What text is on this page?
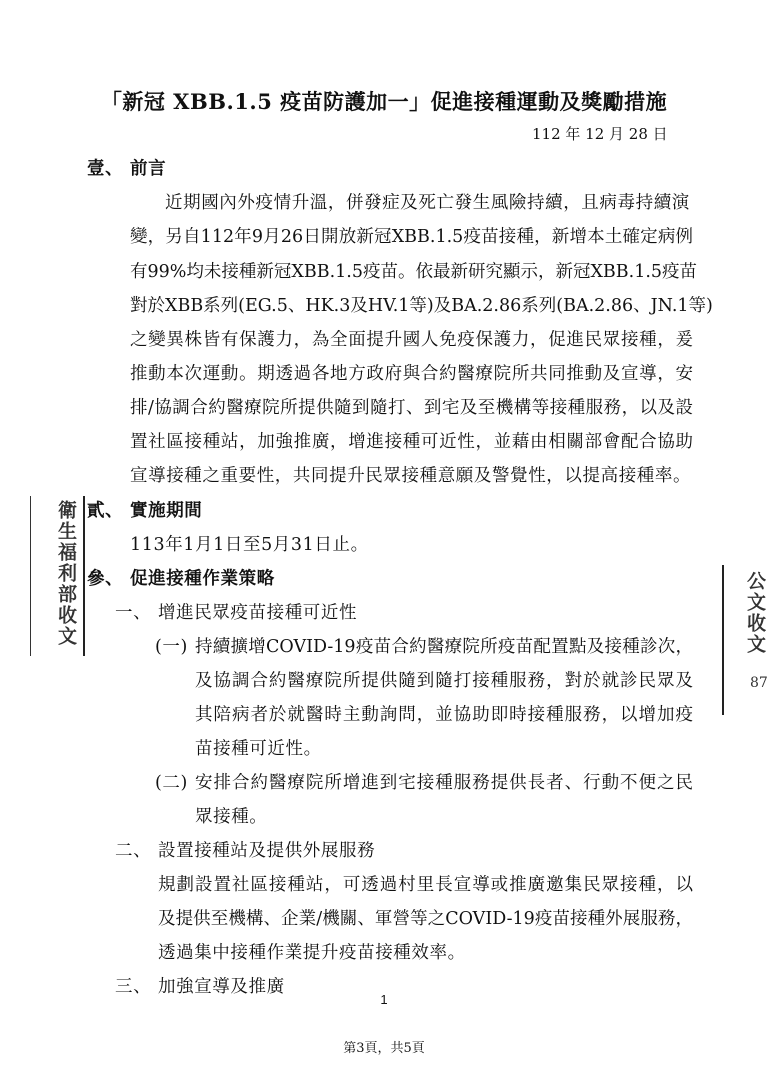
「新冠 XBB.1.5 疫苗防護加一」促進接種運動及獎勵措施
112 年 12 月 28 日
壹、 前言
近期國內外疫情升溫，併發症及死亡發生風險持續，且病毒持續演
變，另自112年9月26日開放新冠XBB.1.5疫苗接種，新增本土確定病例
有99%均未接種新冠XBB.1.5疫苗。依最新研究顯示，新冠XBB.1.5疫苗
對於XBB系列(EG.5、HK.3及HV.1等)及BA.2.86系列(BA.2.86、JN.1等)
之變異株皆有保護力，為全面提升國人免疫保護力，促進民眾接種，爰
推動本次運動。期透過各地方政府與合約醫療院所共同推動及宣導，安
排/協調合約醫療院所提供隨到隨打、到宅及至機構等接種服務，以及設
置社區接種站，加強推廣，增進接種可近性，並藉由相關部會配合協助
宣導接種之重要性，共同提升民眾接種意願及警覺性，以提高接種率。
貳、 實施期間
113年1月1日至5月31日止。
參、 促進接種作業策略
一、 增進民眾疫苗接種可近性
(一) 持續擴增COVID-19疫苗合約醫療院所疫苗配置點及接種診次，
及協調合約醫療院所提供隨到隨打接種服務，對於就診民眾及
其陪病者於就醫時主動詢問，並協助即時接種服務，以增加疫
苗接種可近性。
(二) 安排合約醫療院所增進到宅接種服務提供長者、行動不便之民
眾接種。
二、 設置接種站及提供外展服務
規劃設置社區接種站，可透過村里長宣導或推廣邀集民眾接種，以
及提供至機構、企業/機關、軍營等之COVID-19疫苗接種外展服務，
透過集中接種作業提升疫苗接種效率。
三、 加強宣導及推廣
1
第3頁，共5頁
衛生福利部收文	公文收文
87
